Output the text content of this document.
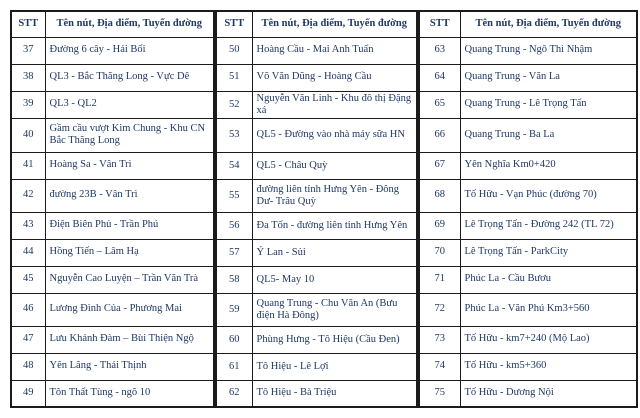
STT	Tên nút, Địa điểm, Tuyến đường
37	Đường 6 cây - Hải Bối
38	QL3 - Bắc Thăng Long - Vực Dê
39	QL3 - QL2
40	Gầm cầu vượt Kim Chung - Khu CN Bắc Thăng Long
41	Hoàng Sa - Vân Trì
42	đường 23B - Vân Trì
43	Điện Biên Phủ - Trần Phú
44	Hồng Tiến – Lâm Hạ
45	Nguyễn Cao Luyện – Trần Văn Trà
46	Lương Đình Của - Phương Mai
47	Lưu Khánh Đàm – Bùi Thiện Ngộ
48	Yên Lãng - Thái Thịnh
49	Tôn Thất Tùng - ngõ 10
STT	Tên nút, Địa điểm, Tuyến đường
50	Hoàng Cầu - Mai Anh Tuấn
51	Võ Văn Dũng - Hoàng Cầu
52	Nguyễn Văn Linh - Khu đô thị Đặng xá
53	QL5 - Đường vào nhà máy sữa HN
54	QL5 - Châu Quỳ
55	đường liên tỉnh Hưng Yên - Đông Dư- Trâu Quỳ
56	Đa Tốn - đường liên tỉnh Hưng Yên
57	Ý Lan - Sủi
58	QL5- May 10
59	Quang Trung - Chu Văn An (Bưu điện Hà Đông)
60	Phùng Hưng - Tô Hiệu (Cầu Đen)
61	Tô Hiệu - Lê Lợi
62	Tô Hiệu - Bà Triệu
STT	Tên nút, Địa điểm, Tuyến đường
63	Quang Trung - Ngô Thì Nhậm
64	Quang Trung - Văn La
65	Quang Trung - Lê Trọng Tấn
66	Quang Trung - Ba La
67	Yên Nghĩa Km0+420
68	Tố Hữu - Vạn Phúc (đường 70)
69	Lê Trọng Tấn - Đường 242 (TL 72)
70	Lê Trọng Tấn - ParkCity
71	Phúc La - Cầu Bươu
72	Phúc La - Văn Phú Km3+560
73	Tố Hữu - km7+240 (Mộ Lao)
74	Tố Hữu - km5+360
75	Tố Hữu - Dương Nội
